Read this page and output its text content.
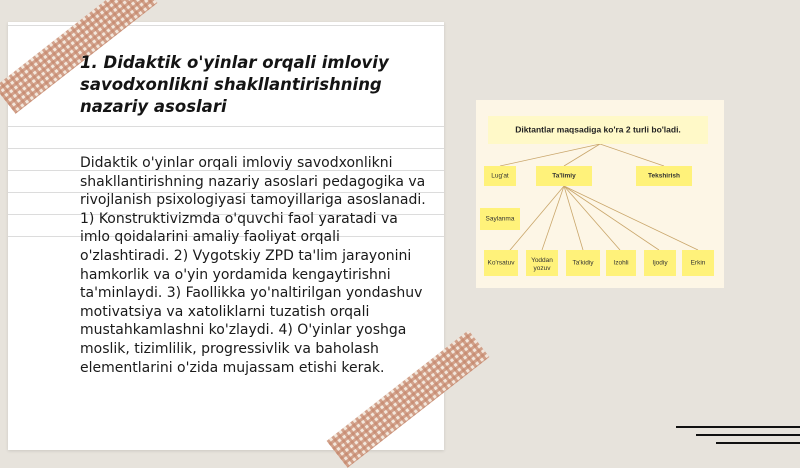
1. Didaktik o'yinlar orqali imloviy savodxonlikni shakllantirishning nazariy asoslari

Didaktik o'yinlar orqali imloviy savodxonlikni shakllantirishning nazariy asoslari pedagogika va rivojlanish psixologiyasi tamoyillariga asoslanadi. 1) Konstruktivizmda o'quvchi faol yaratadi va imlo qoidalarini amaliy faoliyat orqali o'zlashtiradi. 2) Vygotskiy ZPD ta'lim jarayonini hamkorlik va o'yin yordamida kengaytirishni ta'minlaydi. 3) Faollikka yo'naltirilgan yondashuv motivatsiya va xatoliklarni tuzatish orqali mustahkamlashni ko'zlaydi. 4) O'yinlar yoshga moslik, tizimlilik, progressivlik va baholash elementlarini o'zida mujassam etishi kerak.

Diktantlar maqsadiga ko'ra 2 turli bo'ladi.
Lug'at	Ta'limiy	Tekshirish
Saylanma
Ko'rsatuv	Yoddan yozuv
Ta'kidiy	Izohli	Ijodiy	Erkin
